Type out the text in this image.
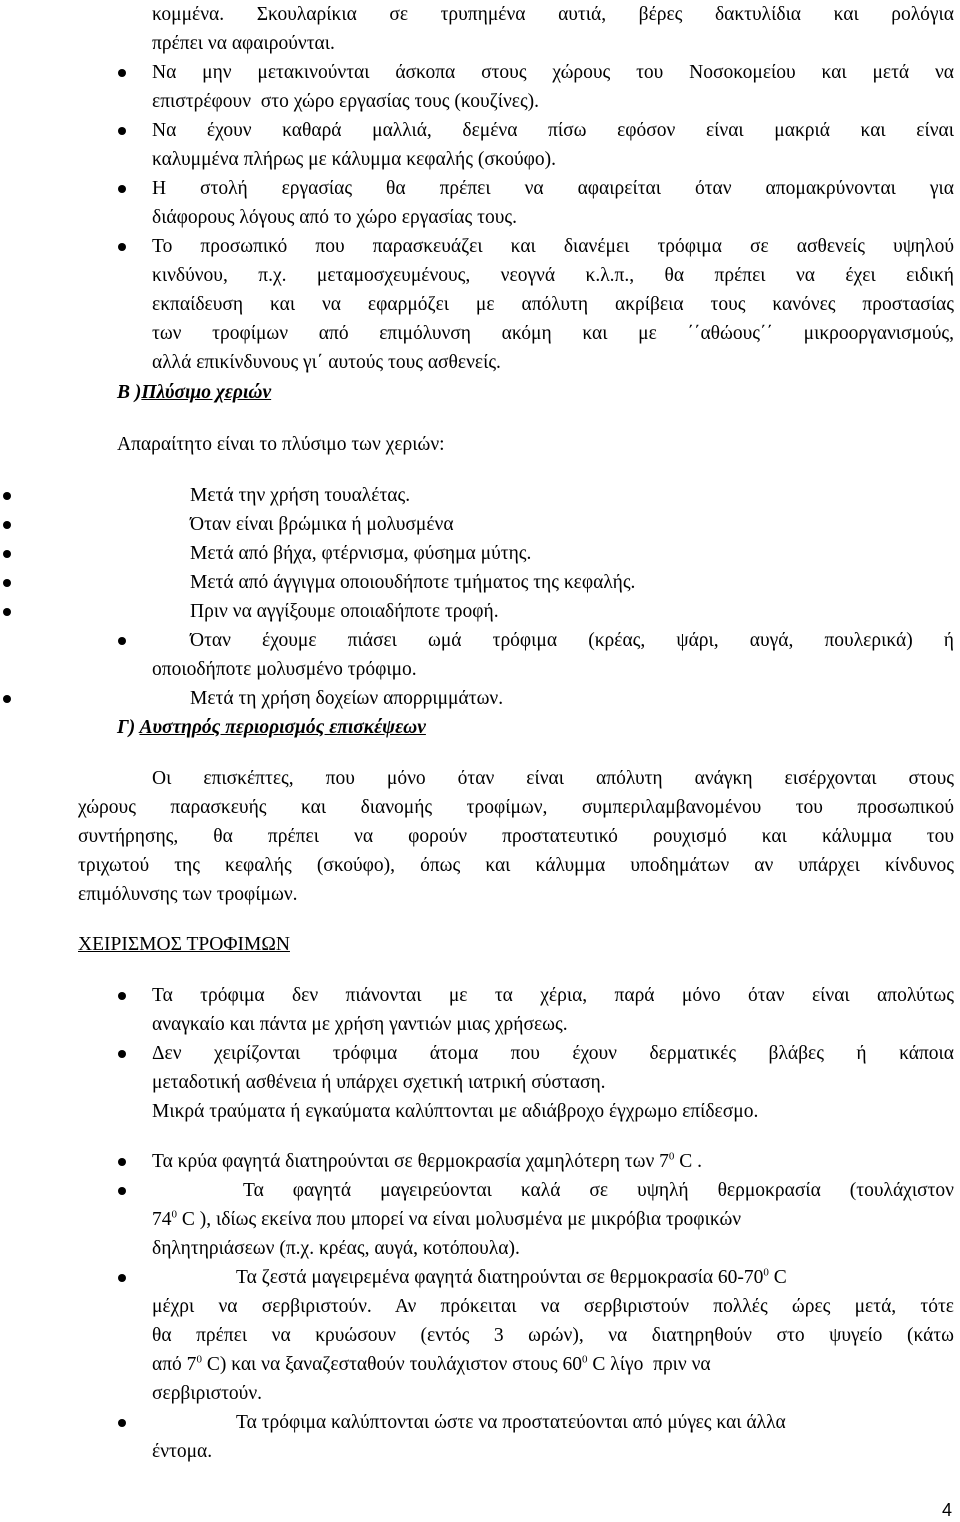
κομμένα. Σκουλαρίκια σε τρυπημένα αυτιά, βέρες δακτυλίδια και ρολόγια
πρέπει να αφαιρούνται.
Να μην μετακινούνται άσκοπα στους χώρους του Νοσοκομείου και μετά να
επιστρέφουν  στο χώρο εργασίας τους (κουζίνες).
Να έχουν καθαρά μαλλιά, δεμένα πίσω εφόσον είναι μακριά και είναι
καλυμμένα πλήρως με κάλυμμα κεφαλής (σκούφο).
Η στολή εργασίας θα πρέπει να αφαιρείται όταν απομακρύνονται για
διάφορους λόγους από το χώρο εργασίας τους.
Το προσωπικό που παρασκευάζει και διανέμει τρόφιμα σε ασθενείς υψηλού
κινδύνου, π.χ. μεταμοσχευμένους, νεογνά κ.λ.π., θα πρέπει να έχει ειδική
εκπαίδευση και να εφαρμόζει με απόλυτη ακρίβεια τους κανόνες προστασίας
των τροφίμων από επιμόλυνση ακόμη και με ΄΄αθώους΄΄ μικροοργανισμούς,
αλλά επικίνδυνους γι΄ αυτούς τους ασθενείς.
Β )Πλύσιμο χεριών
Απαραίτητο είναι το πλύσιμο των χεριών:
Μετά την χρήση τουαλέτας.
Όταν είναι βρώμικα ή μολυσμένα
Μετά από βήχα, φτέρνισμα, φύσημα μύτης.
Μετά από άγγιγμα οποιουδήποτε τμήματος της κεφαλής.
Πριν να αγγίξουμε οποιαδήποτε τροφή.
Όταν έχουμε πιάσει ωμά τρόφιμα (κρέας, ψάρι, αυγά, πουλερικά) ή
οποιοδήποτε μολυσμένο τρόφιμο.
Μετά τη χρήση δοχείων απορριμμάτων.
Γ) Αυστηρός περιορισμός επισκέψεων
Οι επισκέπτες, που μόνο όταν είναι απόλυτη ανάγκη εισέρχονται στους
χώρους παρασκευής και διανομής τροφίμων, συμπεριλαμβανομένου του προσωπικού
συντήρησης, θα πρέπει να φορούν προστατευτικό ρουχισμό και κάλυμμα του
τριχωτού της κεφαλής (σκούφο), όπως και κάλυμμα υποδημάτων αν υπάρχει κίνδυνος
επιμόλυνσης των τροφίμων.
ΧΕΙΡΙΣΜΟΣ ΤΡΟΦΙΜΩΝ
Τα τρόφιμα δεν πιάνονται με τα χέρια, παρά μόνο όταν είναι απολύτως
αναγκαίο και πάντα με χρήση γαντιών μιας χρήσεως.
Δεν χειρίζονται τρόφιμα άτομα που έχουν δερματικές βλάβες ή κάποια
μεταδοτική ασθένεια ή υπάρχει σχετική ιατρική σύσταση.
Μικρά τραύματα ή εγκαύματα καλύπτονται με αδιάβροχο έγχρωμο επίδεσμο.
Τα κρύα φαγητά διατηρούνται σε θερμοκρασία χαμηλότερη των $7^0$ C .
Τα φαγητά μαγειρεύονται καλά σε υψηλή θερμοκρασία (τουλάχιστον
$74^0$ C ), ιδίως εκείνα που μπορεί να είναι μολυσμένα με μικρόβια τροφικών
δηλητηριάσεων (π.χ. κρέας, αυγά, κοτόπουλα).
Τα ζεστά μαγειρεμένα φαγητά διατηρούνται σε θερμοκρασία $60-70^0$ C
μέχρι να σερβιριστούν. Αν πρόκειται να σερβιριστούν πολλές ώρες μετά, τότε
θα πρέπει να κρυώσουν (εντός 3 ωρών), να διατηρηθούν στο ψυγείο (κάτω
από $7^0$ C) και να ξαναζεσταθούν τουλάχιστον στους $60^0$ C λίγο  πριν να
σερβιριστούν.
Τα τρόφιμα καλύπτονται ώστε να προστατεύονται από μύγες και άλλα
έντομα.
4
